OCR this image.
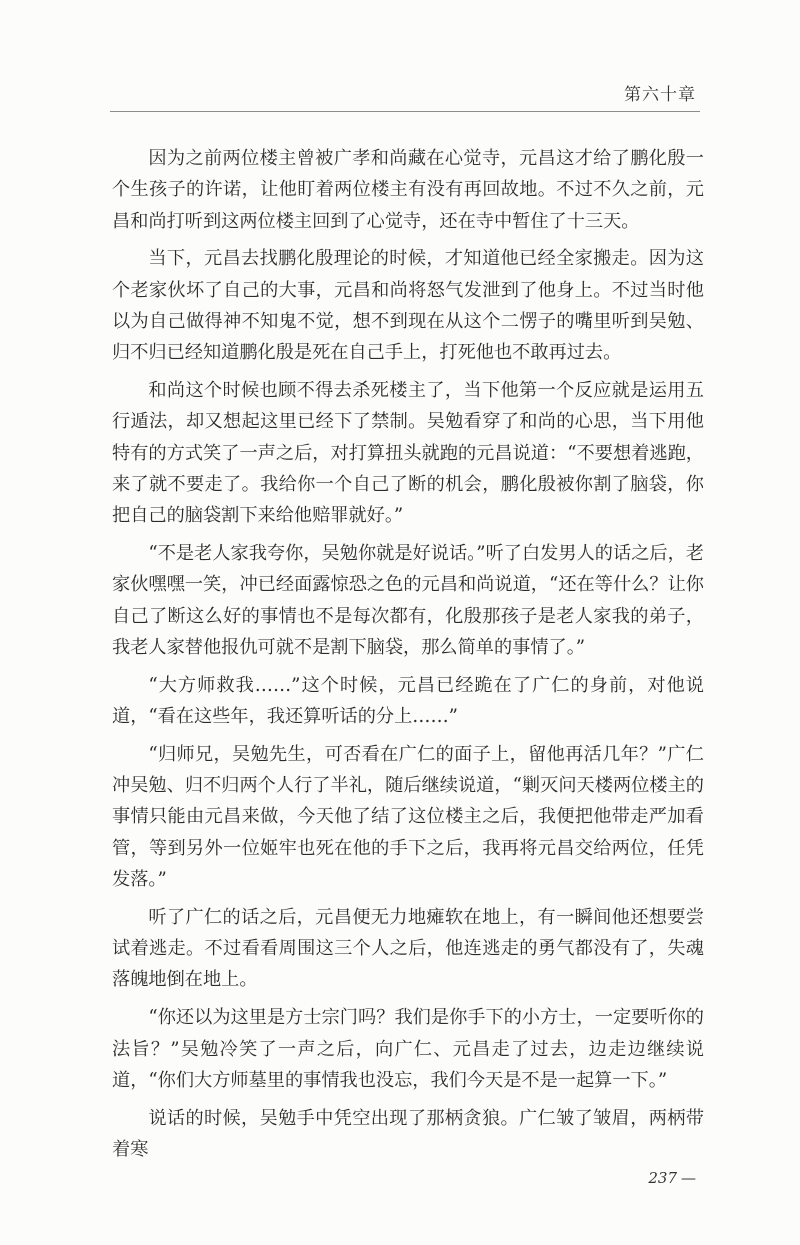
第六十章

因为之前两位楼主曾被广孝和尚藏在心觉寺，元昌这才给了鹏化殷一个生孩子的许诺，让他盯着两位楼主有没有再回故地。不过不久之前，元昌和尚打听到这两位楼主回到了心觉寺，还在寺中暂住了十三天。

当下，元昌去找鹏化殷理论的时候，才知道他已经全家搬走。因为这个老家伙坏了自己的大事，元昌和尚将怒气发泄到了他身上。不过当时他以为自己做得神不知鬼不觉，想不到现在从这个二愣子的嘴里听到吴勉、归不归已经知道鹏化殷是死在自己手上，打死他也不敢再过去。

和尚这个时候也顾不得去杀死楼主了，当下他第一个反应就是运用五行遁法，却又想起这里已经下了禁制。吴勉看穿了和尚的心思，当下用他特有的方式笑了一声之后，对打算扭头就跑的元昌说道：“不要想着逃跑，来了就不要走了。我给你一个自己了断的机会，鹏化殷被你割了脑袋，你把自己的脑袋割下来给他赔罪就好。”

“不是老人家我夸你，吴勉你就是好说话。”听了白发男人的话之后，老家伙嘿嘿一笑，冲已经面露惊恐之色的元昌和尚说道，“还在等什么？让你自己了断这么好的事情也不是每次都有，化殷那孩子是老人家我的弟子，我老人家替他报仇可就不是割下脑袋，那么简单的事情了。”

“大方师救我……”这个时候，元昌已经跪在了广仁的身前，对他说道，“看在这些年，我还算听话的分上……”

“归师兄，吴勉先生，可否看在广仁的面子上，留他再活几年？”广仁冲吴勉、归不归两个人行了半礼，随后继续说道，“剿灭问天楼两位楼主的事情只能由元昌来做，今天他了结了这位楼主之后，我便把他带走严加看管，等到另外一位姬牢也死在他的手下之后，我再将元昌交给两位，任凭发落。”

听了广仁的话之后，元昌便无力地瘫软在地上，有一瞬间他还想要尝试着逃走。不过看看周围这三个人之后，他连逃走的勇气都没有了，失魂落魄地倒在地上。

“你还以为这里是方士宗门吗？我们是你手下的小方士，一定要听你的法旨？”吴勉冷笑了一声之后，向广仁、元昌走了过去，边走边继续说道，“你们大方师墓里的事情我也没忘，我们今天是不是一起算一下。”

说话的时候，吴勉手中凭空出现了那柄贪狼。广仁皱了皱眉，两柄带着寒

237 —
